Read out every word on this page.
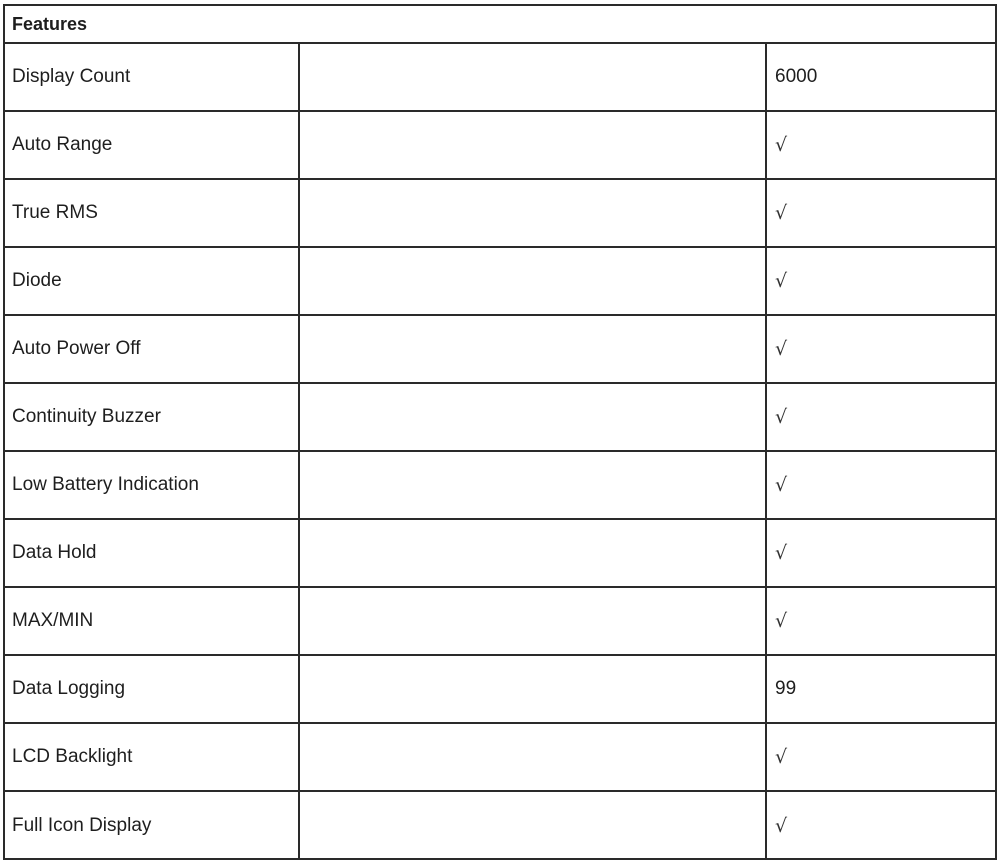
Features
Display Count	6000
Auto Range	√
True RMS	√
Diode	√
Auto Power Off	√
Continuity Buzzer	√
Low Battery Indication	√
Data Hold	√
MAX/MIN	√
Data Logging	99
LCD Backlight	√
Full Icon Display	√
